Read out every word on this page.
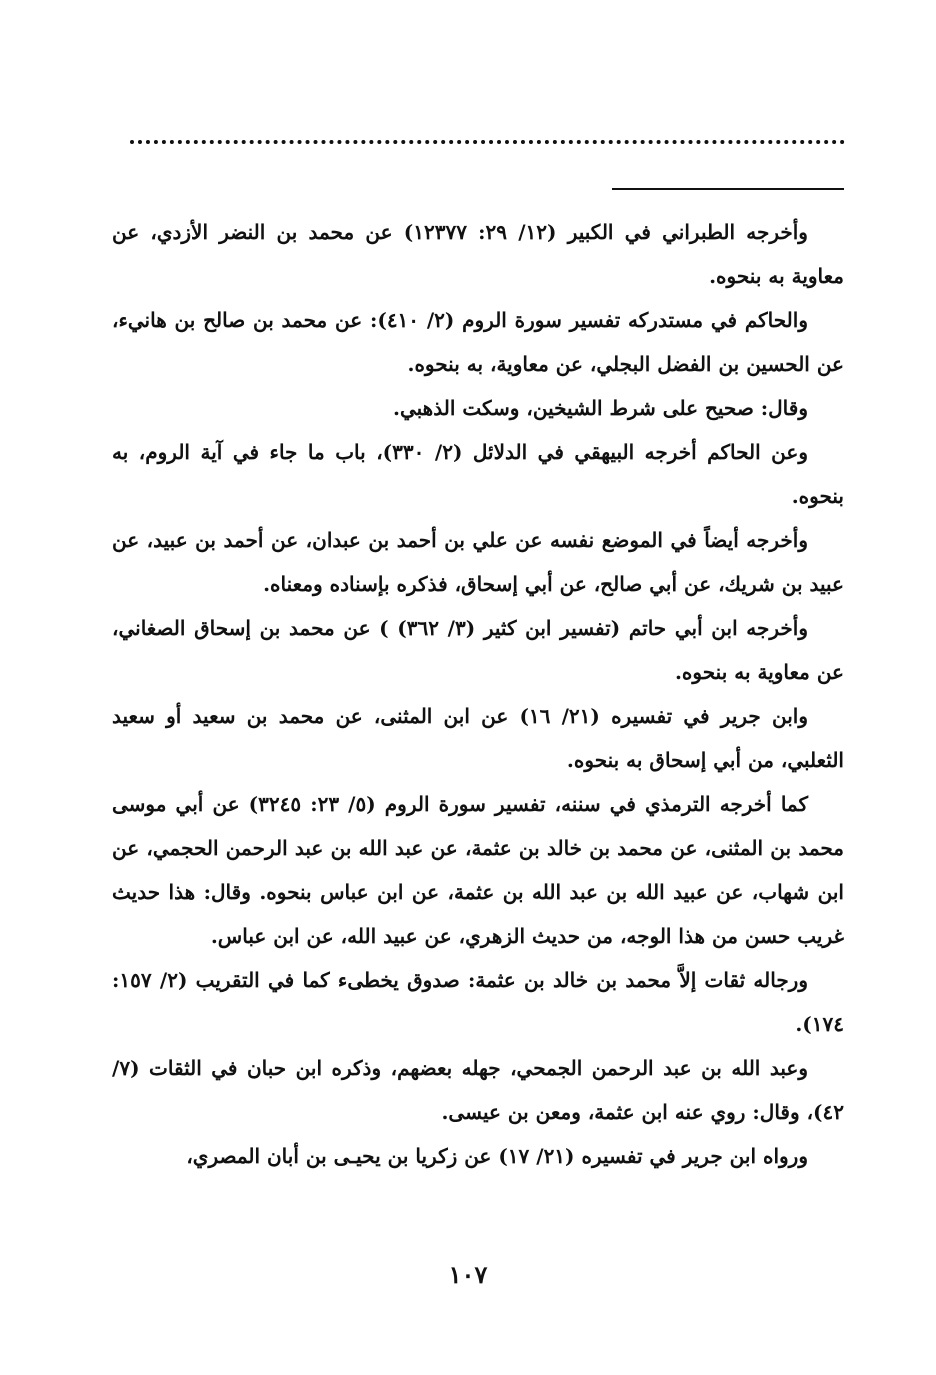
وأخرجه الطبراني في الكبير (١٢/ ٢٩: ١٢٣٧٧) عن محمد بن النضر الأزدي، عن معاوية به بنحوه.

والحاكم في مستدركه تفسير سورة الروم (٢/ ٤١٠): عن محمد بن صالح بن هانيء، عن الحسين بن الفضل البجلي، عن معاوية، به بنحوه.

وقال: صحيح على شرط الشيخين، وسكت الذهبي.

وعن الحاكم أخرجه البيهقي في الدلائل (٢/ ٣٣٠)، باب ما جاء في آية الروم، به بنحوه.

وأخرجه أيضاً في الموضع نفسه عن علي بن أحمد بن عبدان، عن أحمد بن عبيد، عن عبيد بن شريك، عن أبي صالح، عن أبي إسحاق، فذكره بإسناده ومعناه.

وأخرجه ابن أبي حاتم (تفسير ابن كثير (٣/ ٣٦٢) ) عن محمد بن إسحاق الصغاني، عن معاوية به بنحوه.

وابن جرير في تفسيره (٢١/ ١٦) عن ابن المثنى، عن محمد بن سعيد أو سعيد الثعلبي، من أبي إسحاق به بنحوه.

كما أخرجه الترمذي في سننه، تفسير سورة الروم (٥/ ٢٣: ٣٢٤٥) عن أبي موسى محمد بن المثنى، عن محمد بن خالد بن عثمة، عن عبد الله بن عبد الرحمن الحجمي، عن ابن شهاب، عن عبيد الله بن عبد الله بن عثمة، عن ابن عباس بنحوه. وقال: هذا حديث غريب حسن من هذا الوجه، من حديث الزهري، عن عبيد الله، عن ابن عباس.

ورجاله ثقات إلاَّ محمد بن خالد بن عثمة: صدوق يخطىء كما في التقريب (٢/ ١٥٧: ١٧٤).

وعبد الله بن عبد الرحمن الجمحي، جهله بعضهم، وذكره ابن حبان في الثقات (٧/ ٤٢)، وقال: روي عنه ابن عثمة، ومعن بن عيسى.

ورواه ابن جرير في تفسيره (٢١/ ١٧) عن زكريا بن يحيـى بن أبان المصري،

١٠٧
